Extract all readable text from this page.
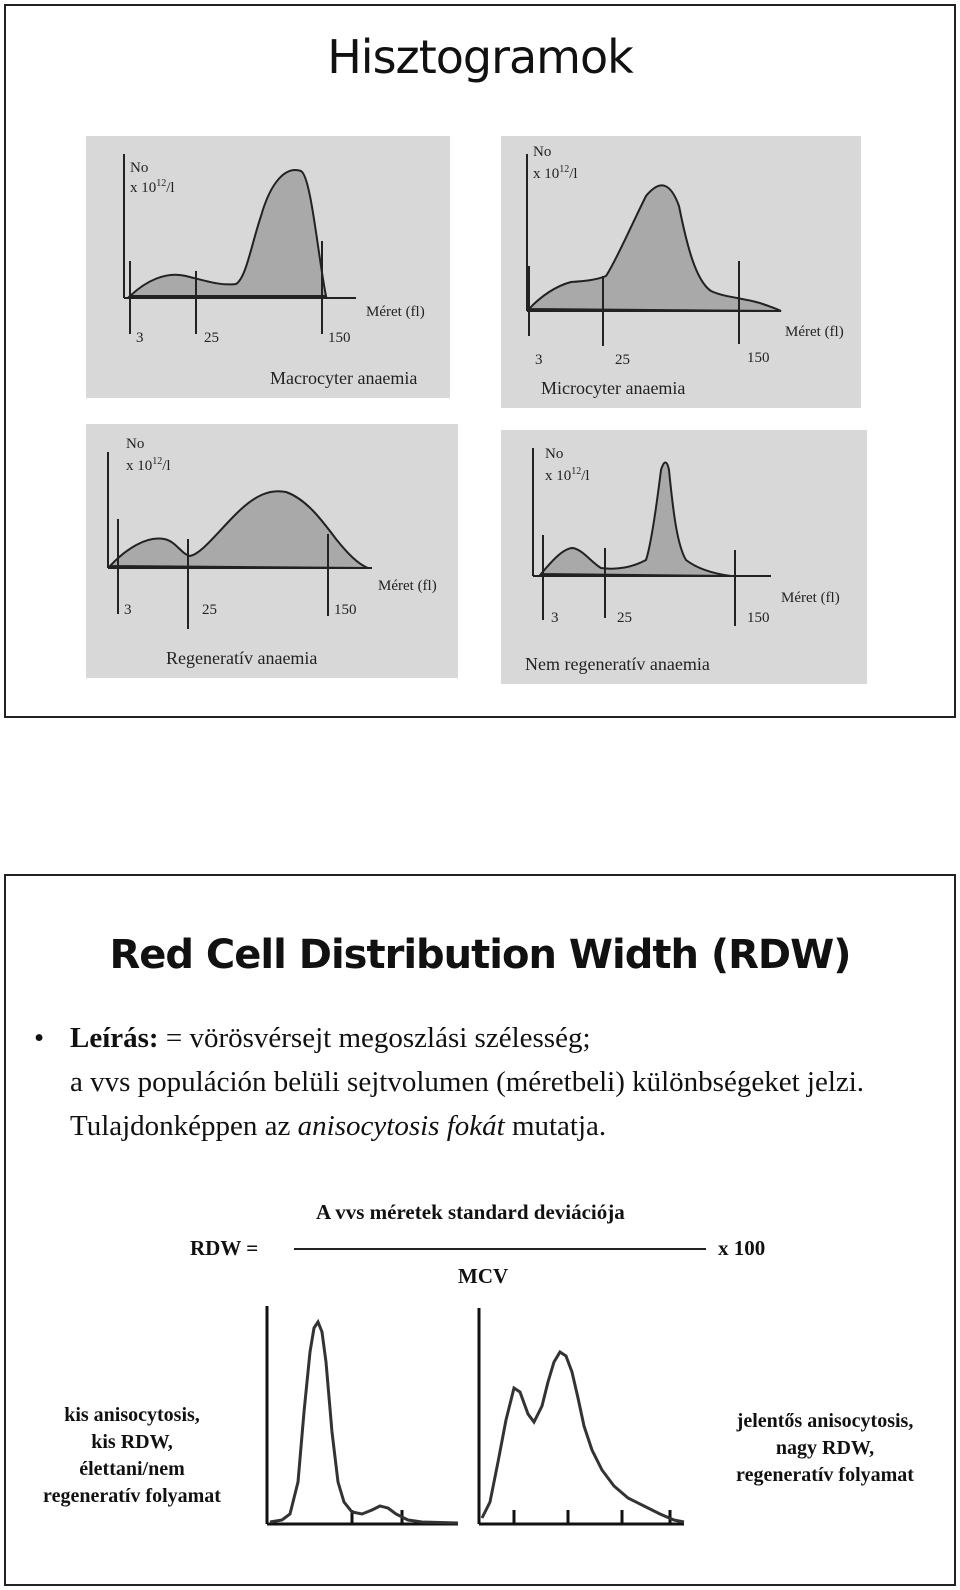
Hisztogramok
No
x $10^{12}/l$
Méret (fl)
3	25	150
Macrocyter anaemia
No
x $10^{12}/l$
Méret (fl)
3	25	150
Microcyter anaemia
No
x $10^{12}/l$
Méret (fl)
3	25	150
Regeneratív anaemia
No
x $10^{12}/l$
Méret (fl)
3	25	150
Nem regeneratív anaemia
Red Cell Distribution Width (RDW)
• Leírás: = vörösvérsejt megoszlási szélesség;
a vvs populáción belüli sejtvolumen (méretbeli) különbségeket jelzi. Tulajdonképpen az anisocytosis fokát mutatja.
RDW =
A vvs méretek standard deviációja
MCV
x 100
kis anisocytosis,
kis RDW,
élettani/nem
regeneratív folyamat
jelentős anisocytosis,
nagy RDW,
regeneratív folyamat
